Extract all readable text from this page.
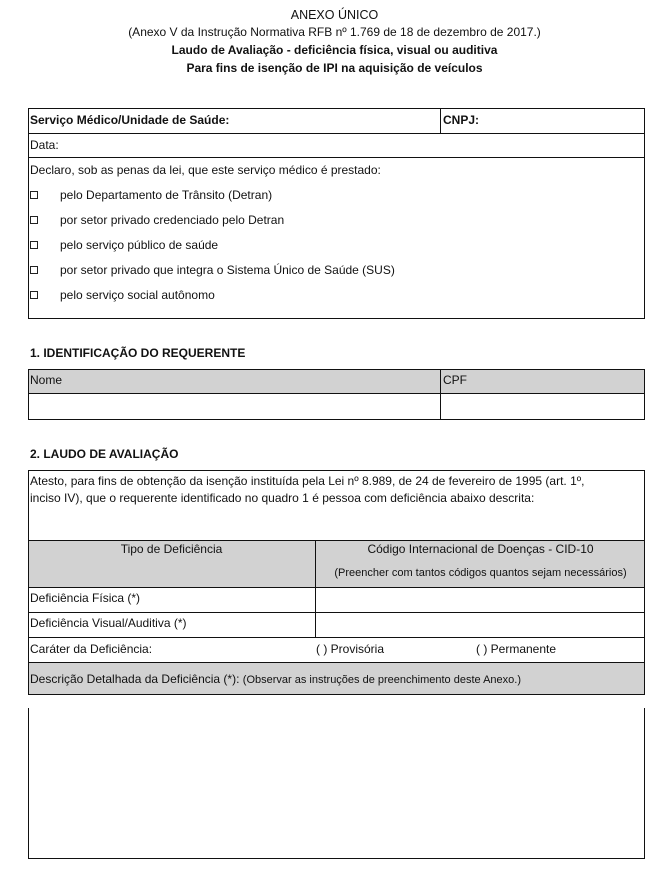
ANEXO ÚNICO
(Anexo V da Instrução Normativa RFB nº 1.769 de 18 de dezembro de 2017.)
Laudo de Avaliação - deficiência física, visual ou auditiva
Para fins de isenção de IPI na aquisição de veículos
Serviço Médico/Unidade de Saúde:	CNPJ:
Data:
Declaro, sob as penas da lei, que este serviço médico é prestado:
pelo Departamento de Trânsito (Detran)
por setor privado credenciado pelo Detran
pelo serviço público de saúde
por setor privado que integra o Sistema Único de Saúde (SUS)
pelo serviço social autônomo
1. IDENTIFICAÇÃO DO REQUERENTE
Nome	CPF
2. LAUDO DE AVALIAÇÃO
Atesto, para fins de obtenção da isenção instituída pela Lei nº 8.989, de 24 de fevereiro de 1995 (art. 1º,
inciso IV), que o requerente identificado no quadro 1 é pessoa com deficiência abaixo descrita:
Tipo de Deficiência	Código Internacional de Doenças - CID-10
(Preencher com tantos códigos quantos sejam necessários)
Deficiência Física (*)
Deficiência Visual/Auditiva (*)
Caráter da Deficiência:	( ) Provisória	( ) Permanente
Descrição Detalhada da Deficiência (*): (Observar as instruções de preenchimento deste Anexo.)
